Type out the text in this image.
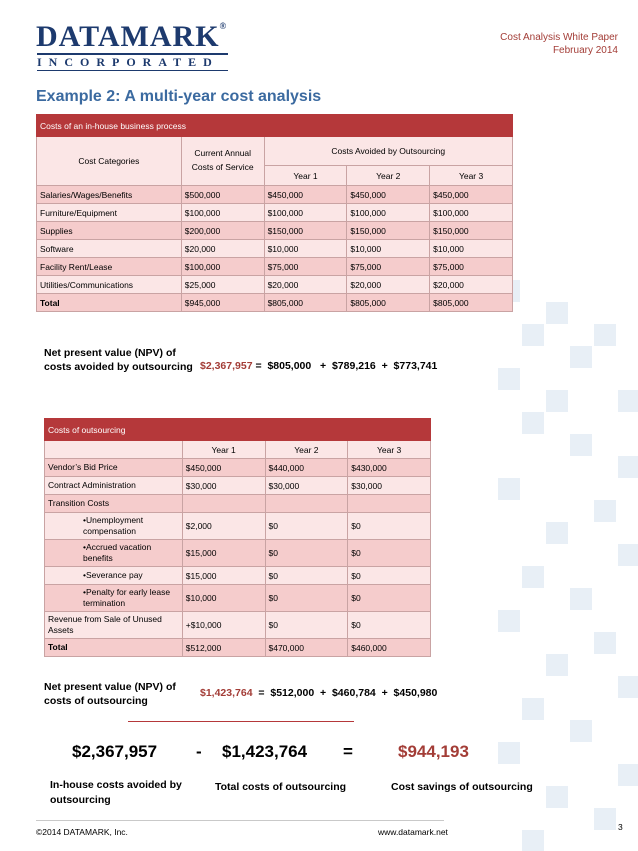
DATAMARK®
INCORPORATED
Cost Analysis White Paper
February 2014
Example 2: A multi-year cost analysis
Costs of an in-house business process				
Cost Categories	Current Annual Costs of Service	Costs Avoided by Outsourcing		
		Year 1	Year 2	Year 3
Salaries/Wages/Benefits	$500,000	$450,000	$450,000	$450,000
Furniture/Equipment	$100,000	$100,000	$100,000	$100,000
Supplies	$200,000	$150,000	$150,000	$150,000
Software	$20,000	$10,000	$10,000	$10,000
Facility Rent/Lease	$100,000	$75,000	$75,000	$75,000
Utilities/Communications	$25,000	$20,000	$20,000	$20,000
Total	$945,000	$805,000	$805,000	$805,000
Net present value (NPV) of costs avoided by outsourcing $2,367,957 =  $805,000   +  $789,216  +  $773,741
Costs of outsourcing			
	Year 1	Year 2	Year 3
Vendor’s Bid Price	$450,000	$440,000	$430,000
Contract Administration	$30,000	$30,000	$30,000
Transition Costs			
•Unemployment compensation	$2,000	$0	$0
•Accrued vacation benefits	$15,000	$0	$0
•Severance pay	$15,000	$0	$0
•Penalty for early lease termination	$10,000	$0	$0
Revenue from Sale of Unused Assets	+$10,000	$0	$0
Total	$512,000	$470,000	$460,000
Net present value (NPV) of costs of outsourcing
$1,423,764  =  $512,000  +  $460,784  +  $450,980
$2,367,957 - $1,423,764 =	$944,193
In-house costs avoided by outsourcing
Total costs of outsourcing	Cost savings of outsourcing
©2014 DATAMARK, Inc.	www.datamark.net	3
